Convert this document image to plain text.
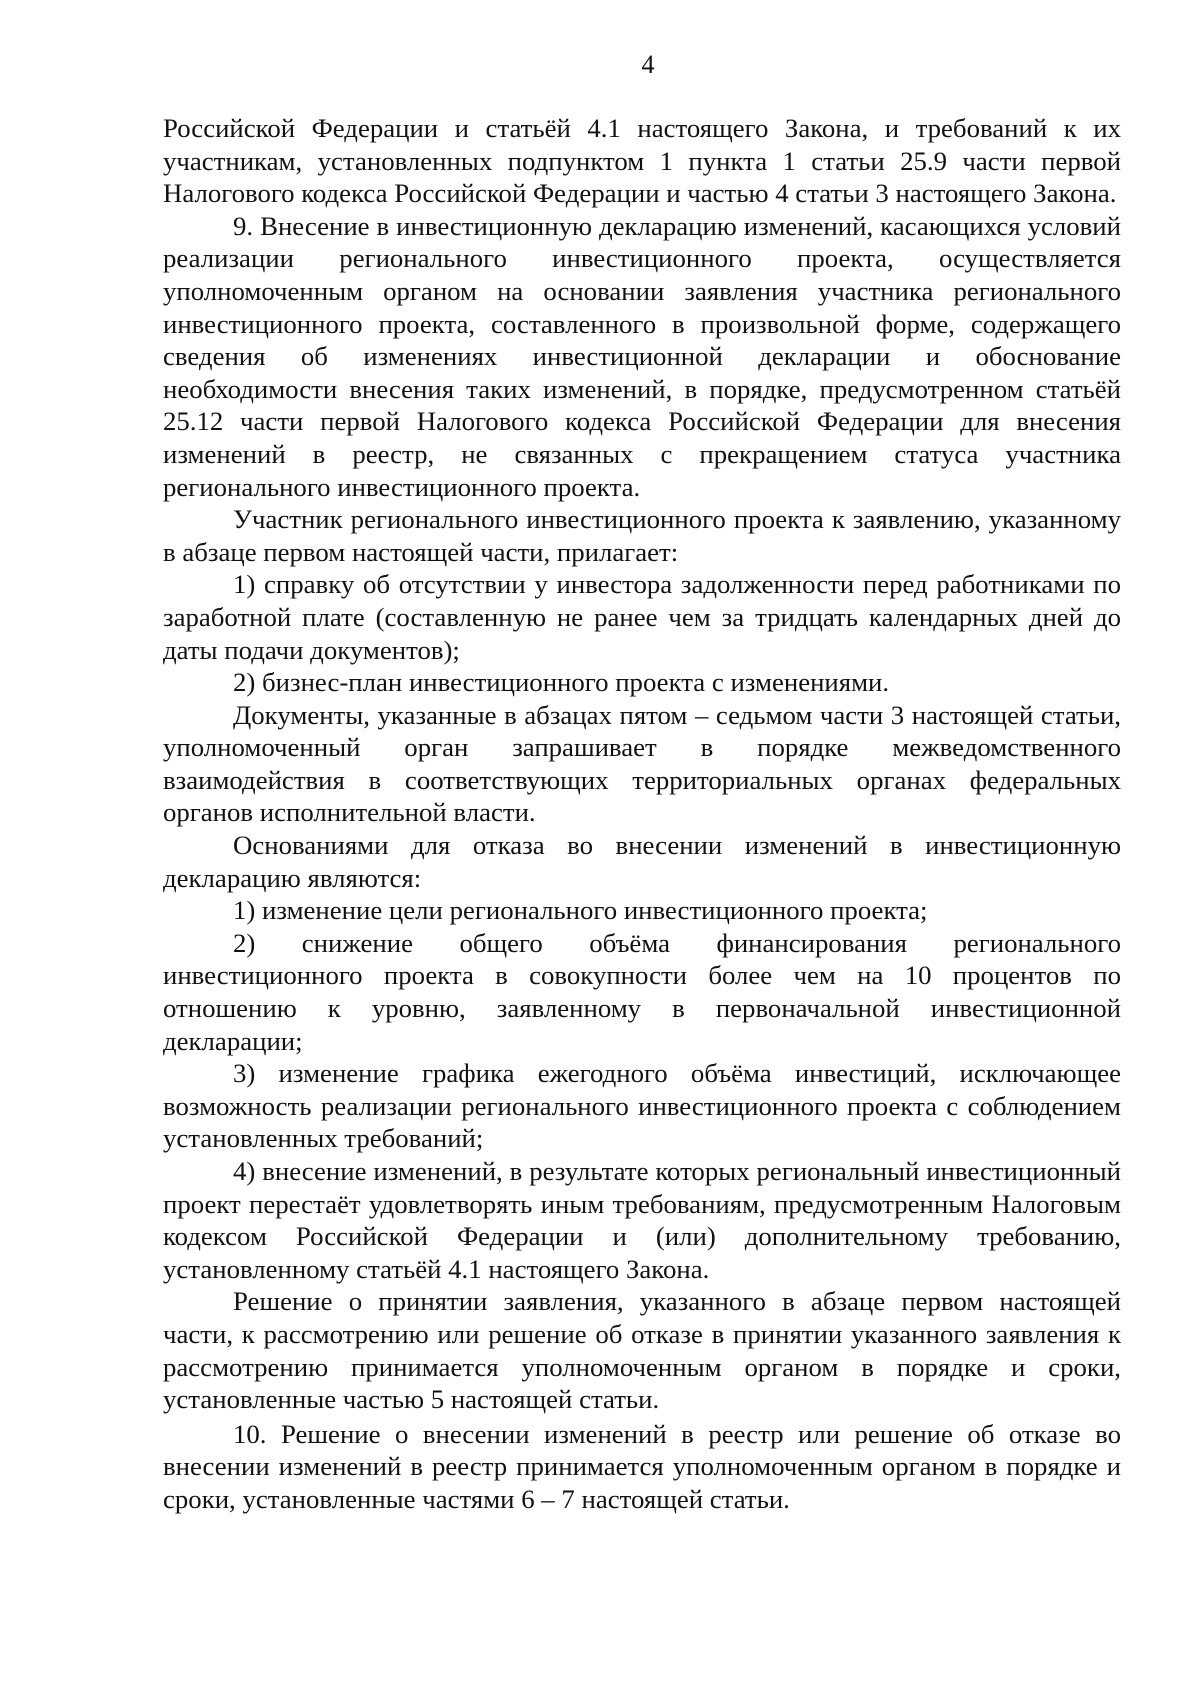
4

Российской Федерации и статьёй 4.1 настоящего Закона, и требований к их участникам, установленных подпунктом 1 пункта 1 статьи 25.9 части первой Налогового кодекса Российской Федерации и частью 4 статьи 3 настоящего Закона.

9. Внесение в инвестиционную декларацию изменений, касающихся условий реализации регионального инвестиционного проекта, осуществляется уполномоченным органом на основании заявления участника регионального инвестиционного проекта, составленного в произвольной форме, содержащего сведения об изменениях инвестиционной декларации и обоснование необходимости внесения таких изменений, в порядке, предусмотренном статьёй 25.12 части первой Налогового кодекса Российской Федерации для внесения изменений в реестр, не связанных с прекращением статуса участника регионального инвестиционного проекта.

Участник регионального инвестиционного проекта к заявлению, указанному в абзаце первом настоящей части, прилагает:

1) справку об отсутствии у инвестора задолженности перед работниками по заработной плате (составленную не ранее чем за тридцать календарных дней до даты подачи документов);

2) бизнес-план инвестиционного проекта с изменениями.

Документы, указанные в абзацах пятом – седьмом части 3 настоящей статьи, уполномоченный орган запрашивает в порядке межведомственного взаимодействия в соответствующих территориальных органах федеральных органов исполнительной власти.

Основаниями для отказа во внесении изменений в инвестиционную декларацию являются:

1) изменение цели регионального инвестиционного проекта;

2) снижение общего объёма финансирования регионального инвестиционного проекта в совокупности более чем на 10 процентов по отношению к уровню, заявленному в первоначальной инвестиционной декларации;

3) изменение графика ежегодного объёма инвестиций, исключающее возможность реализации регионального инвестиционного проекта с соблюдением установленных требований;

4) внесение изменений, в результате которых региональный инвестиционный проект перестаёт удовлетворять иным требованиям, предусмотренным Налоговым кодексом Российской Федерации и (или) дополнительному требованию, установленному статьёй 4.1 настоящего Закона.

Решение о принятии заявления, указанного в абзаце первом настоящей части, к рассмотрению или решение об отказе в принятии указанного заявления к рассмотрению принимается уполномоченным органом в порядке и сроки, установленные частью 5 настоящей статьи.

10. Решение о внесении изменений в реестр или решение об отказе во внесении изменений в реестр принимается уполномоченным органом в порядке и сроки, установленные частями 6 – 7 настоящей статьи.
